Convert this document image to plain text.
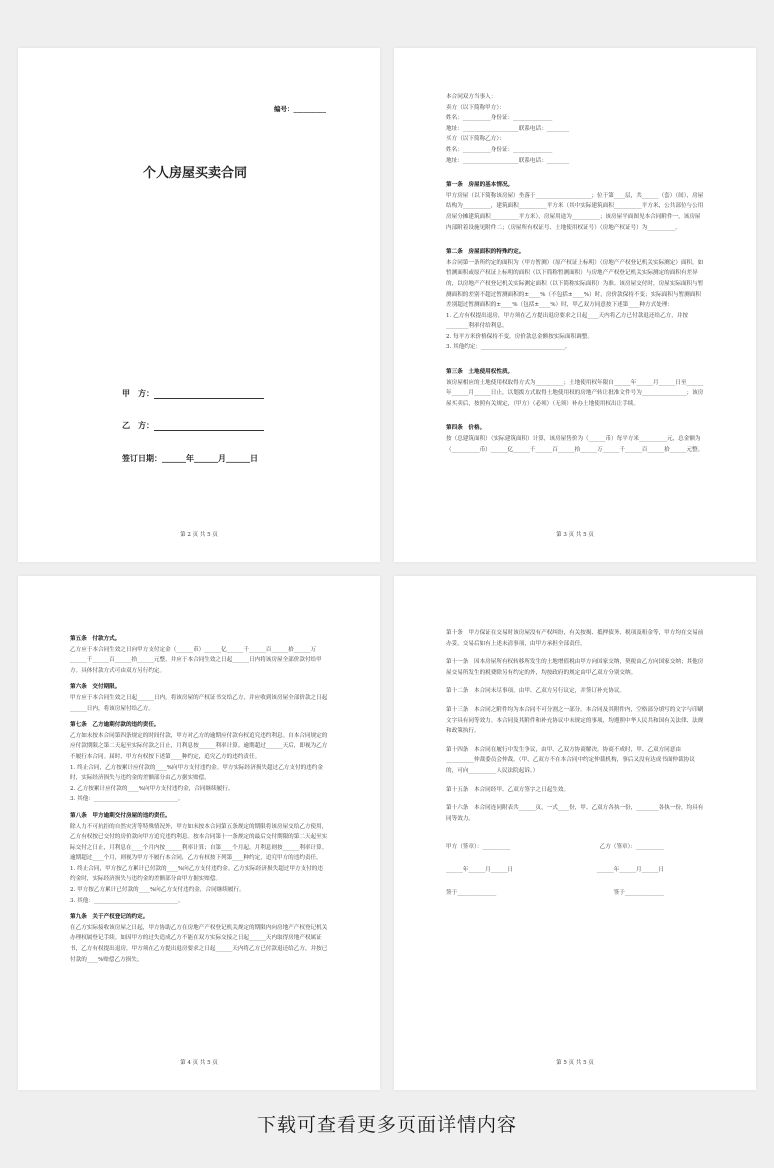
编号：__________
个人房屋买卖合同
甲　方：
乙　方：
签订日期：______年______月______日
第 2 页 共 5 页

本合同双方当事人：

卖方（以下简称甲方）：

姓名：__________身份证：______________

地址：____________________联系电话：________

买方（以下简称乙方）：

姓名：__________身份证：______________

地址：____________________联系电话：________

第一条　房屋的基本情况。

甲方房屋（以下简称该房屋）坐落于____________________；位于第____层，共______（套）（间），房屋结构为__________，建筑面积__________平方米（其中实际建筑面积__________平方米，公共部位与公用房屋分摊建筑面积__________平方米），房屋用途为__________；该房屋平面图见本合同附件一，该房屋内部附着设施见附件二；（房屋所有权证号、土地使用权证号）（房地产权证号）为__________。

第二条　房屋面积的特殊约定。

本合同第一条所约定的面积为（甲方暂测）（原产权证上标明）（房地产产权登记机关实际测定）面积。如暂测面积或原产权证上标明的面积（以下简称暂测面积）与房地产产权登记机关实际测定的面积有差异的，以房地产产权登记机关实际测定面积（以下简称实际面积）为准。该房屋交付时，房屋实际面积与暂测面积的差别不超过暂测面积的±____%（不包括±____%）时，房价款保持不变；实际面积与暂测面积差别超过暂测面积的±____%（包括±____%）时，甲乙双方同意按下述第____种方式处理：

1. 乙方有权提出退房，甲方须在乙方提出退房要求之日起____天内将乙方已付款退还给乙方，并按________利率付给利息。

2. 每平方米价格保持不变，房价款总金额按实际面积调整。

3. 其他约定：______________________________。

第三条　土地使用权性质。

该房屋相应的土地使用权取得方式为__________；土地使用权年限自______年______月______日至______年______月______日止，以划拨方式取得土地使用权的房地产转让批准文件号为________________；该房屋买卖后，按照有关规定，（甲方）（必须）（无须）补办土地使用权出让手续。

第四条　价格。

按（总建筑面积）（实际建筑面积）计算，该房屋售价为（______币）每平方米__________元，总金额为（__________币）______亿______千______百______拾______万______千______百______拾______元整。

第 3 页 共 5 页

第五条　付款方式。

乙方应于本合同生效之日向甲方支付定金（______币）______亿______千______百______拾______万______千______百______拾______元整，并应于本合同生效之日起______日内将该房屋全部价款付给甲方。具体付款方式可由双方另行约定。

第六条　交付期限。

甲方应于本合同生效之日起______日内，将该房屋的产权证书交给乙方，并应收到该房屋全部价款之日起______日内，将该房屋付给乙方。

第七条　乙方逾期付款的违约责任。

乙方如未按本合同第四条规定的时间付款，甲方对乙方的逾期应付款有权追究违约利息。自本合同规定的应付款期限之第二天起至实际付款之日止，月利息按______利率计算。逾期超过______天后，即视为乙方不履行本合同。届时，甲方有权按下述第____种约定，追究乙方的违约责任。

1. 终止合同，乙方按累计应付款的____%向甲方支付违约金。甲方实际经济损失超过乙方支付的违约金时，实际经济损失与违约金的差额部分由乙方据实赔偿。

2. 乙方按累计应付款的____%向甲方支付违约金，合同继续履行。

3. 其他：______________________________。

第八条　甲方逾期交付房屋的违约责任。

除人力不可抗拒的自然灾害等特殊情况外，甲方如未按本合同第五条规定的期限将该房屋交给乙方使用，乙方有权按已交付的房价款向甲方追究违约利息。按本合同第十一条规定的最后交付期限的第二天起至实际交付之日止，月利息在____个月内按______利率计算；自第____个月起，月利息则按______利率计算。逾期超过____个月，则视为甲方不履行本合同，乙方有权按下列第____种约定，追究甲方的违约责任。

1. 终止合同，甲方按乙方累计已付款的____%向乙方支付违约金。乙方实际经济损失超过甲方支付的违约金时，实际经济损失与违约金的差额部分由甲方据实赔偿。

2. 甲方按乙方累计已付款的____%向乙方支付违约金，合同继续履行。

3. 其他：______________________________。

第九条　关于产权登记的约定。

在乙方实际接收该房屋之日起，甲方协助乙方在房地产产权登记机关规定的期限内向房地产产权登记机关办理权属登记手续。如因甲方的过失造成乙方不能在双方实际交接之日起______天内取得房地产权属证书，乙方有权提出退房，甲方须在乙方提出退房要求之日起______天内将乙方已付款退还给乙方，并按已付款的____%赔偿乙方损失。

第 4 页 共 5 页

第十条　甲方保证在交易时该房屋没有产权纠纷，有关按揭、抵押债务、税项及租金等，甲方均在交易前办妥。交易后如有上述未清事项，由甲方承担全部责任。

第十一条　因本房屋所有权转移所发生的土地增值税由甲方向国家交纳，契税由乙方向国家交纳；其他房屋交易所发生的税费除另有约定的外，均按政府的规定由甲乙双方分别交纳。

第十二条　本合同未尽事项，由甲、乙双方另行议定，并签订补充协议。

第十三条　本合同之附件均为本合同不可分割之一部分。本合同及其附件内，空格部分填写的文字与印刷文字具有同等效力。本合同及其附件和补充协议中未规定的事项，均遵照中华人民共和国有关法律、法规和政策执行。

第十四条　本合同在履行中发生争议，由甲、乙双方协商解决。协商不成时，甲、乙双方同意由__________仲裁委员会仲裁。（甲、乙双方不在本合同中约定仲裁机构，事后又没有达成书面仲裁协议的，可向__________人民法院起诉。）

第十五条　本合同经甲、乙双方签字之日起生效。

第十六条　本合同连同附表共______页，一式____份，甲、乙双方各执一份，________各执一份，均具有同等效力。

甲方（签章）：__________	乙方（签章）：__________
______年______月______日	______年______月______日
签于______________	签于______________
第 5 页 共 5 页
下载可查看更多页面详情内容
